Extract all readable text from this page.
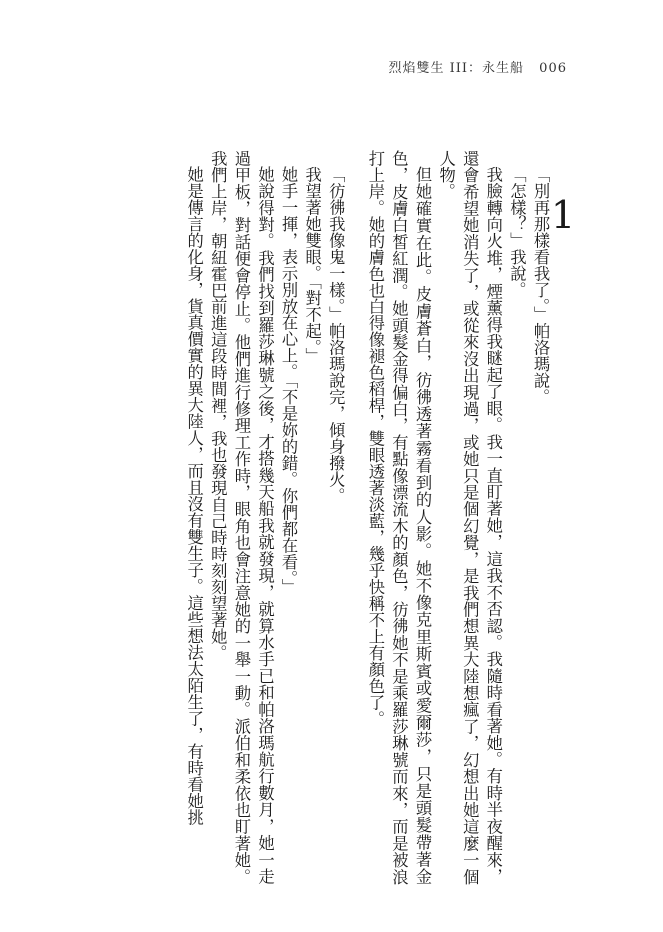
烈焰雙生 III：永生船 006
1

「別再那樣看我了。」帕洛瑪說。

「怎樣？」我說。

我臉轉向火堆，煙薰得我瞇起了眼。我一直盯著她，這我不否認。我隨時看著她。有時半夜醒來，還會希望她消失了，或從來沒出現過，或她只是個幻覺，是我們想異大陸想瘋了，幻想出她這麼一個人物。

但她確實在此。皮膚蒼白，彷彿透著霧看到的人影。她不像克里斯賓或愛爾莎，只是頭髮帶著金色，皮膚白皙紅潤。她頭髮金得偏白，有點像漂流木的顏色，彷彿她不是乘羅莎琳號而來，而是被浪打上岸。她的膚色也白得像褪色稻桿，雙眼透著淡藍，幾乎快稱不上有顏色了。

「彷彿我像鬼一樣。」帕洛瑪說完，傾身撥火。

我望著她雙眼。「對不起。」

她手一揮，表示別放在心上。「不是妳的錯。你們都在看。」

她說得對。我們找到羅莎琳號之後，才搭幾天船我就發現，就算水手已和帕洛瑪航行數月，她一走過甲板，對話便會停止。他們進行修理工作時，眼角也會注意她的一舉一動。派伯和柔依也盯著她。我們上岸，朝紐霍巴前進這段時間裡，我也發現自己時時刻刻望著她。

她是傳言的化身，貨真價實的異大陸人，而且沒有雙生子。這些想法太陌生了，有時看她挑
